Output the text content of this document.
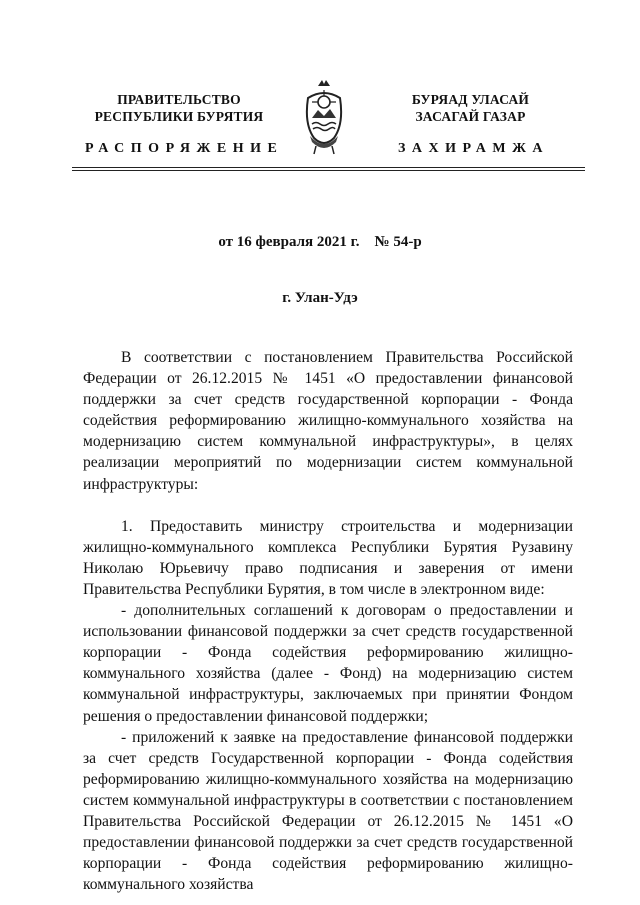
ПРАВИТЕЛЬСТВО
РЕСПУБЛИКИ БУРЯТИЯ
БУРЯАД УЛАСАЙ
ЗАСАГАЙ ГАЗАР
РАСПОРЯЖЕНИЕ	ЗАХИРАМЖА
от 16 февраля 2021 г.    № 54-р
г. Улан-Удэ

В соответствии с постановлением Правительства Российской Федерации от 26.12.2015 № 1451 «О предоставлении финансовой поддержки за счет средств государственной корпорации - Фонда содействия реформированию жилищно-коммунального хозяйства на модернизацию систем коммунальной инфраструктуры», в целях реализации мероприятий по модернизации систем коммунальной инфраструктуры:

1. Предоставить министру строительства и модернизации жилищно-коммунального комплекса Республики Бурятия Рузавину Николаю Юрьевичу право подписания и заверения от имени Правительства Республики Бурятия, в том числе в электронном виде:

- дополнительных соглашений к договорам о предоставлении и использовании финансовой поддержки за счет средств государственной корпорации - Фонда содействия реформированию жилищно-коммунального хозяйства (далее - Фонд) на модернизацию систем коммунальной инфраструктуры, заключаемых при принятии Фондом решения о предоставлении финансовой поддержки;

- приложений к заявке на предоставление финансовой поддержки за счет средств Государственной корпорации - Фонда содействия реформированию жилищно-коммунального хозяйства на модернизацию систем коммунальной инфраструктуры в соответствии с постановлением Правительства Российской Федерации от 26.12.2015 № 1451 «О предоставлении финансовой поддержки за счет средств государственной корпорации - Фонда содействия реформированию жилищно-коммунального хозяйства
